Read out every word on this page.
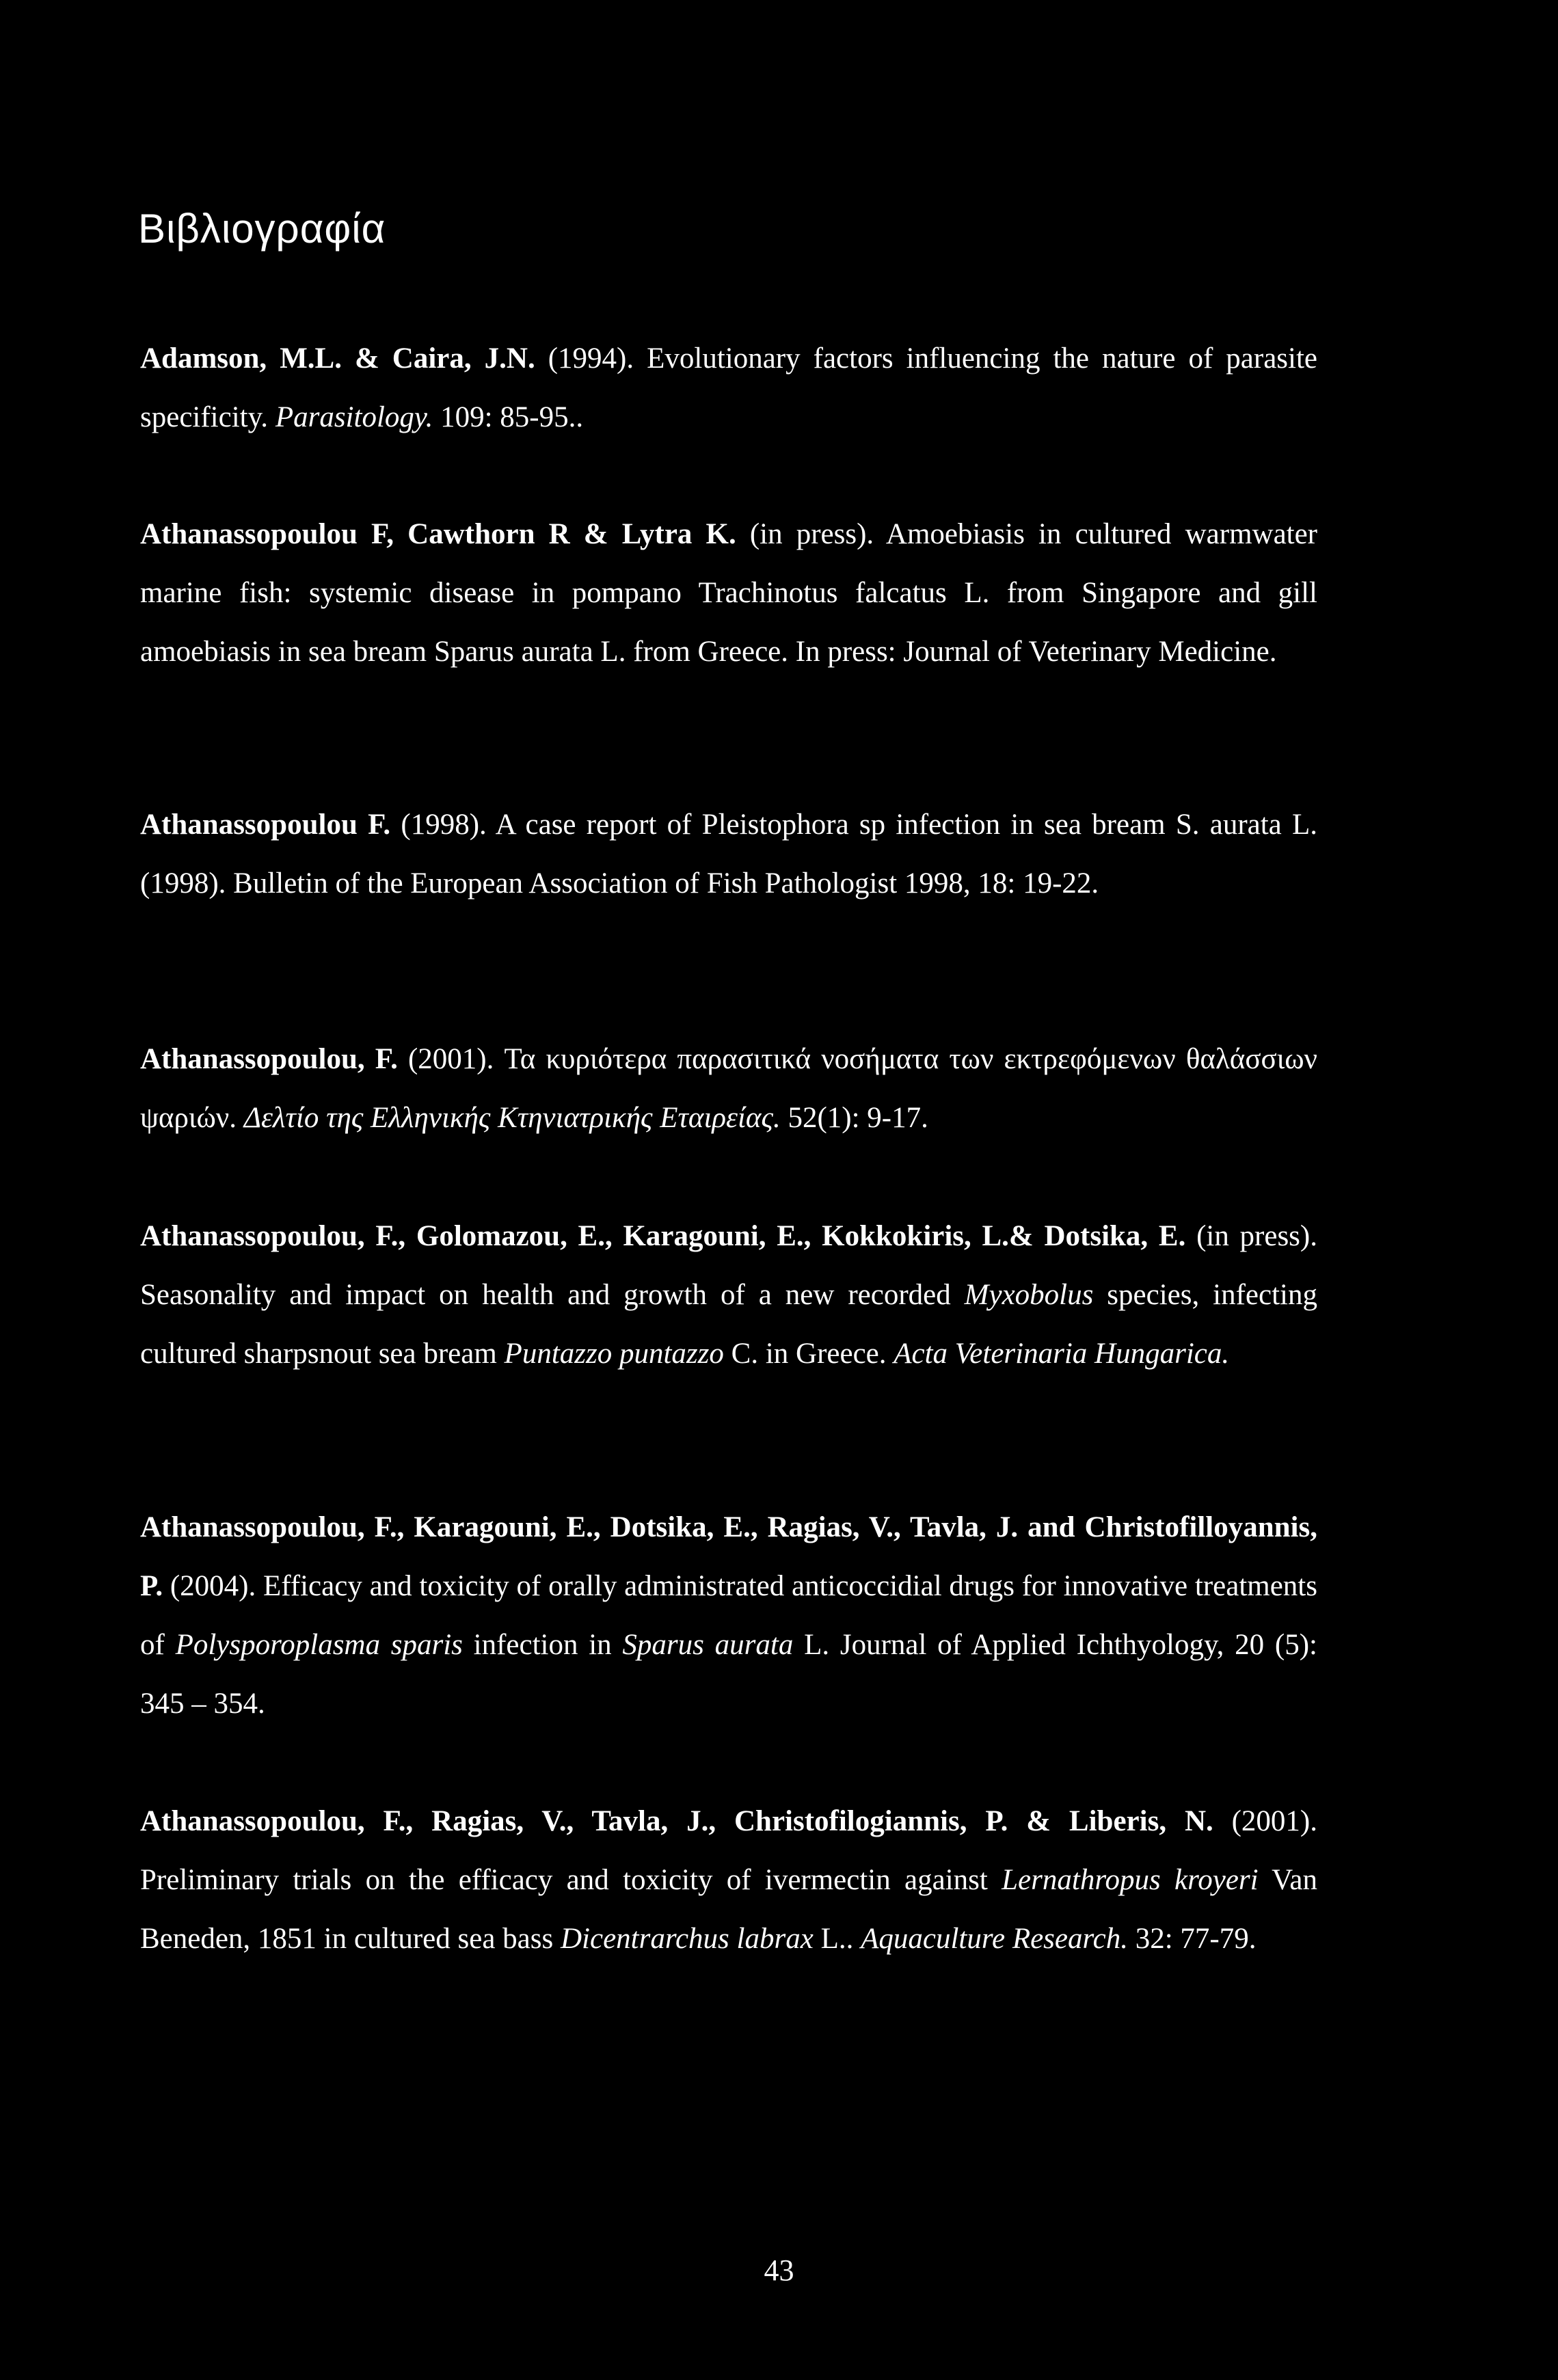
Βιβλιογραφία

Adamson, M.L. & Caira, J.N. (1994). Evolutionary factors influencing the nature of parasite specificity. Parasitology. 109: 85-95..

Athanassopoulou F, Cawthorn R & Lytra K. (in press). Amoebiasis in cultured warmwater marine fish: systemic disease in pompano Trachinotus falcatus L. from Singapore and gill amoebiasis in sea bream Sparus aurata L. from Greece. In press: Journal of Veterinary Medicine.

Athanassopoulou F. (1998). A case report of Pleistophora sp infection in sea bream S. aurata L. (1998). Bulletin of the European Association of Fish Pathologist 1998, 18: 19-22.

Athanassopoulou, F. (2001). Τα κυριότερα παρασιτικά νοσήματα των εκτρεφόμενων θαλάσσιων ψαριών. Δελτίο της Ελληνικής Κτηνιατρικής Εταιρείας. 52(1): 9-17.

Athanassopoulou, F., Golomazou, E., Karagouni, E., Kokkokiris, L.& Dotsika, E. (in press). Seasonality and impact on health and growth of a new recorded Myxobolus species, infecting cultured sharpsnout sea bream Puntazzo puntazzo C. in Greece. Acta Veterinaria Hungarica.

Athanassopoulou, F., Karagouni, E., Dotsika, E., Ragias, V., Tavla, J. and Christofilloyannis, P. (2004). Efficacy and toxicity of orally administrated anticoccidial drugs for innovative treatments of Polysporoplasma sparis infection in Sparus aurata L. Journal of Applied Ichthyology, 20 (5): 345 – 354.

Athanassopoulou, F., Ragias, V., Tavla, J., Christofilogiannis, P. & Liberis, N. (2001). Preliminary trials on the efficacy and toxicity of ivermectin against Lernathropus kroyeri Van Beneden, 1851 in cultured sea bass Dicentrarchus labrax L.. Aquaculture Research. 32: 77-79.

43
